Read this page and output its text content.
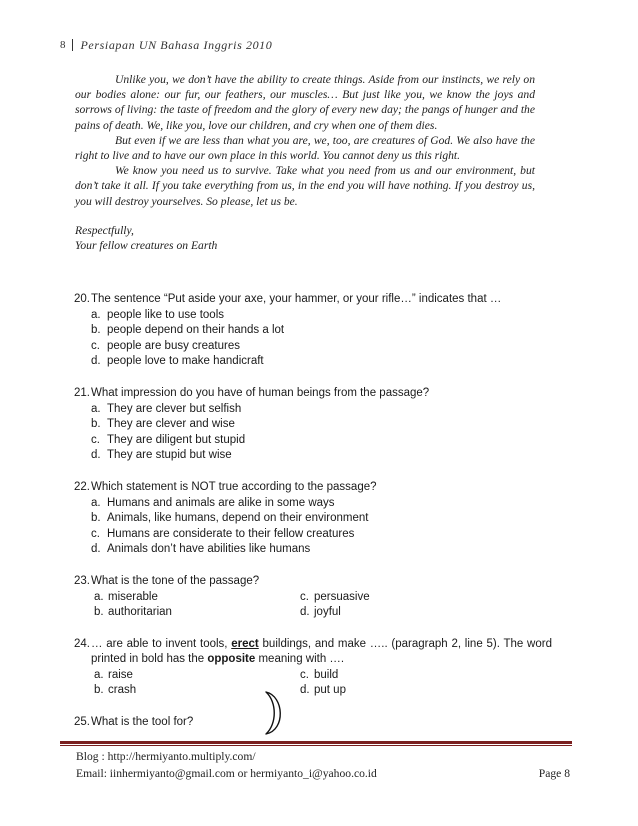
8	Persiapan UN Bahasa Inggris 2010

Unlike you, we don’t have the ability to create things. Aside from our instincts, we rely on our bodies alone: our fur, our feathers, our muscles… But just like you, we know the joys and sorrows of living: the taste of freedom and the glory of every new day; the pangs of hunger and the pains of death. We, like you, love our children, and cry when one of them dies.

But even if we are less than what you are, we, too, are creatures of God. We also have the right to live and to have our own place in this world. You cannot deny us this right.

We know you need us to survive. Take what you need from us and our environment, but don’t take it all. If you take everything from us, in the end you will have nothing. If you destroy us, you will destroy yourselves. So please, let us be.

Respectfully,
Your fellow creatures on Earth
20. The sentence “Put aside your axe, your hammer, or your rifle…” indicates that …
a. people like to use tools
b. people depend on their hands a lot
c. people are busy creatures
d. people love to make handicraft
21. What impression do you have of human beings from the passage?
a. They are clever but selfish
b. They are clever and wise
c. They are diligent but stupid
d. They are stupid but wise
22. Which statement is NOT true according to the passage?
a. Humans and animals are alike in some ways
b. Animals, like humans, depend on their environment
c. Humans are considerate to their fellow creatures
d. Animals don’t have abilities like humans
23. What is the tone of the passage?
a. miserable	c. persuasive
b. authoritarian	d. joyful
24. … are able to invent tools, erect buildings, and make ….. (paragraph 2, line 5). The word printed in bold has the opposite meaning with ….
a. raise	c. build
b. crash	d. put up
25. What is the tool for?
Blog : http://hermiyanto.multiply.com/
Email: iinhermiyanto@gmail.com or hermiyanto_i@yahoo.co.id	Page 8
